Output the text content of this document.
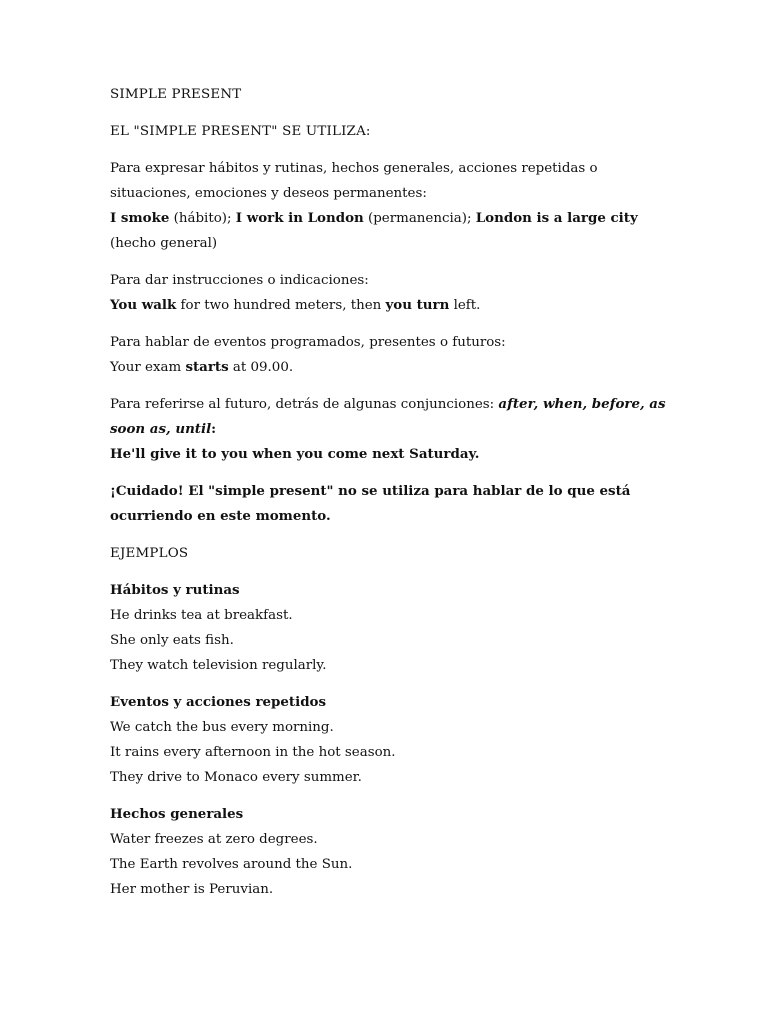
SIMPLE PRESENT

EL "SIMPLE PRESENT" SE UTILIZA:

Para expresar hábitos y rutinas, hechos generales, acciones repetidas o situaciones, emociones y deseos permanentes:

I smoke (hábito); I work in London (permanencia); London is a large city (hecho general)

Para dar instrucciones o indicaciones:

You walk for two hundred meters, then you turn left.

Para hablar de eventos programados, presentes o futuros:

Your exam starts at 09.00.

Para referirse al futuro, detrás de algunas conjunciones: after, when, before, as soon as, until:

He'll give it to you when you come next Saturday.

¡Cuidado! El "simple present" no se utiliza para hablar de lo que está ocurriendo en este momento.

EJEMPLOS

Hábitos y rutinas

He drinks tea at breakfast.

She only eats fish.

They watch television regularly.

Eventos y acciones repetidos

We catch the bus every morning.

It rains every afternoon in the hot season.

They drive to Monaco every summer.

Hechos generales

Water freezes at zero degrees.

The Earth revolves around the Sun.

Her mother is Peruvian.
